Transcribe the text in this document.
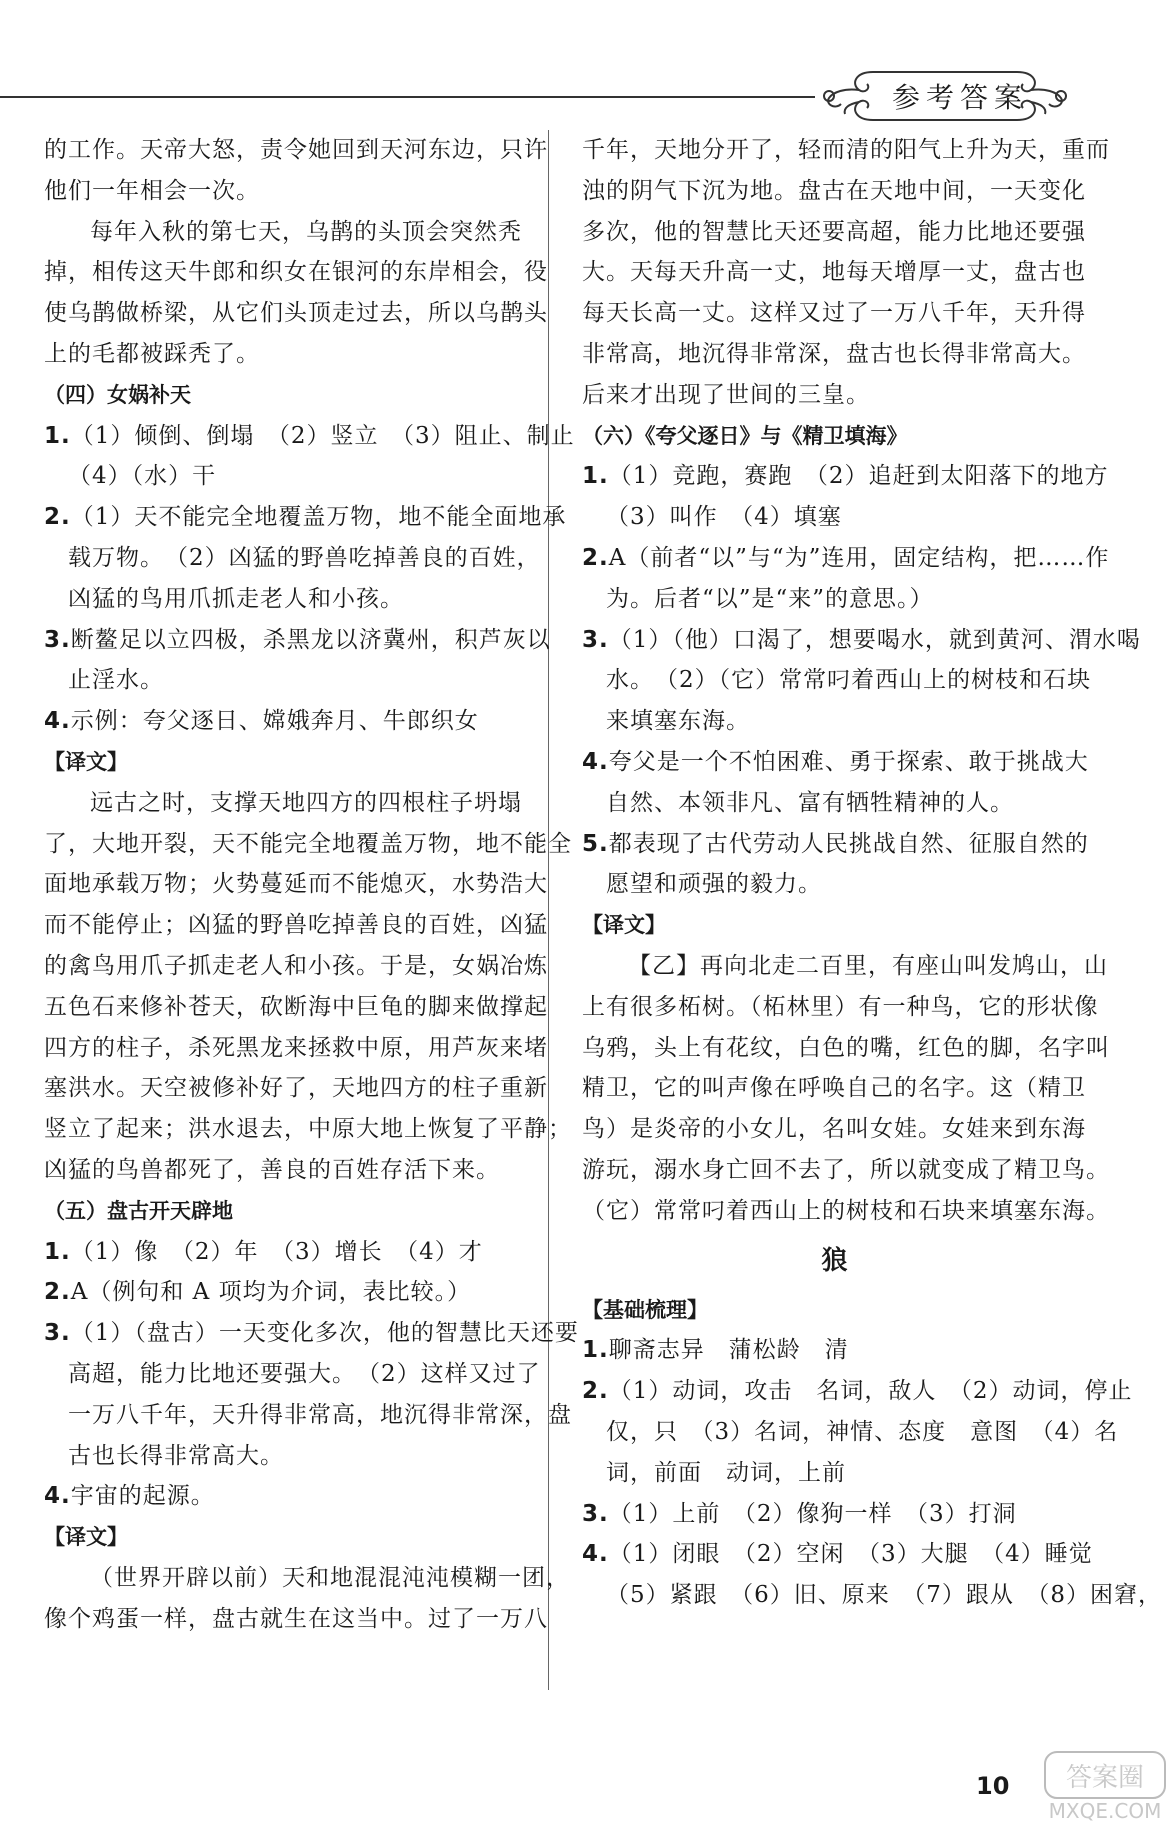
参考答案
的工作。天帝大怒，责令她回到天河东边，只许
他们一年相会一次。
每年入秋的第七天，乌鹊的头顶会突然秃
掉，相传这天牛郎和织女在银河的东岸相会，役
使乌鹊做桥梁，从它们头顶走过去，所以乌鹊头
上的毛都被踩秃了。
（四）女娲补天
1.（1）倾倒、倒塌　（2）竖立　（3）阻止、制止
（4）（水）干
2.（1）天不能完全地覆盖万物，地不能全面地承
载万物。　（2）凶猛的野兽吃掉善良的百姓，
凶猛的鸟用爪抓走老人和小孩。
3.断鳌足以立四极，杀黑龙以济冀州，积芦灰以
止淫水。
4.示例：夸父逐日、嫦娥奔月、牛郎织女
【译文】
远古之时，支撑天地四方的四根柱子坍塌
了，大地开裂，天不能完全地覆盖万物，地不能全
面地承载万物；火势蔓延而不能熄灭，水势浩大
而不能停止；凶猛的野兽吃掉善良的百姓，凶猛
的禽鸟用爪子抓走老人和小孩。于是，女娲冶炼
五色石来修补苍天，砍断海中巨龟的脚来做撑起
四方的柱子，杀死黑龙来拯救中原，用芦灰来堵
塞洪水。天空被修补好了，天地四方的柱子重新
竖立了起来；洪水退去，中原大地上恢复了平静；
凶猛的鸟兽都死了，善良的百姓存活下来。
（五）盘古开天辟地
1.（1）像　（2）年　（3）增长　（4）才
2.A（例句和 A 项均为介词，表比较。）
3.（1）（盘古）一天变化多次，他的智慧比天还要
高超，能力比地还要强大。　（2）这样又过了
一万八千年，天升得非常高，地沉得非常深，盘
古也长得非常高大。
4.宇宙的起源。
【译文】
（世界开辟以前）天和地混混沌沌模糊一团，
像个鸡蛋一样，盘古就生在这当中。过了一万八
千年，天地分开了，轻而清的阳气上升为天，重而
浊的阴气下沉为地。盘古在天地中间，一天变化
多次，他的智慧比天还要高超，能力比地还要强
大。天每天升高一丈，地每天增厚一丈，盘古也
每天长高一丈。这样又过了一万八千年，天升得
非常高，地沉得非常深，盘古也长得非常高大。
后来才出现了世间的三皇。
（六）《夸父逐日》与《精卫填海》
1.（1）竞跑，赛跑　（2）追赶到太阳落下的地方
（3）叫作　（4）填塞
2.A（前者“以”与“为”连用，固定结构，把……作
为。后者“以”是“来”的意思。）
3.（1）（他）口渴了，想要喝水，就到黄河、渭水喝
水。　（2）（它）常常叼着西山上的树枝和石块
来填塞东海。
4.夸父是一个不怕困难、勇于探索、敢于挑战大
自然、本领非凡、富有牺牲精神的人。
5.都表现了古代劳动人民挑战自然、征服自然的
愿望和顽强的毅力。
【译文】
【乙】再向北走二百里，有座山叫发鸠山，山
上有很多柘树。（柘林里）有一种鸟，它的形状像
乌鸦，头上有花纹，白色的嘴，红色的脚，名字叫
精卫，它的叫声像在呼唤自己的名字。这（精卫
鸟）是炎帝的小女儿，名叫女娃。女娃来到东海
游玩，溺水身亡回不去了，所以就变成了精卫鸟。
（它）常常叼着西山上的树枝和石块来填塞东海。
狼
【基础梳理】
1.聊斋志异　蒲松龄　清
2.（1）动词，攻击　名词，敌人　（2）动词，停止
仅，只　（3）名词，神情、态度　意图　（4）名
词，前面　动词，上前
3.（1）上前　（2）像狗一样　（3）打洞
4.（1）闭眼　（2）空闲　（3）大腿　（4）睡觉
（5）紧跟　（6）旧、原来　（7）跟从　（8）困窘，
10 答案圈
MXQE.COM
